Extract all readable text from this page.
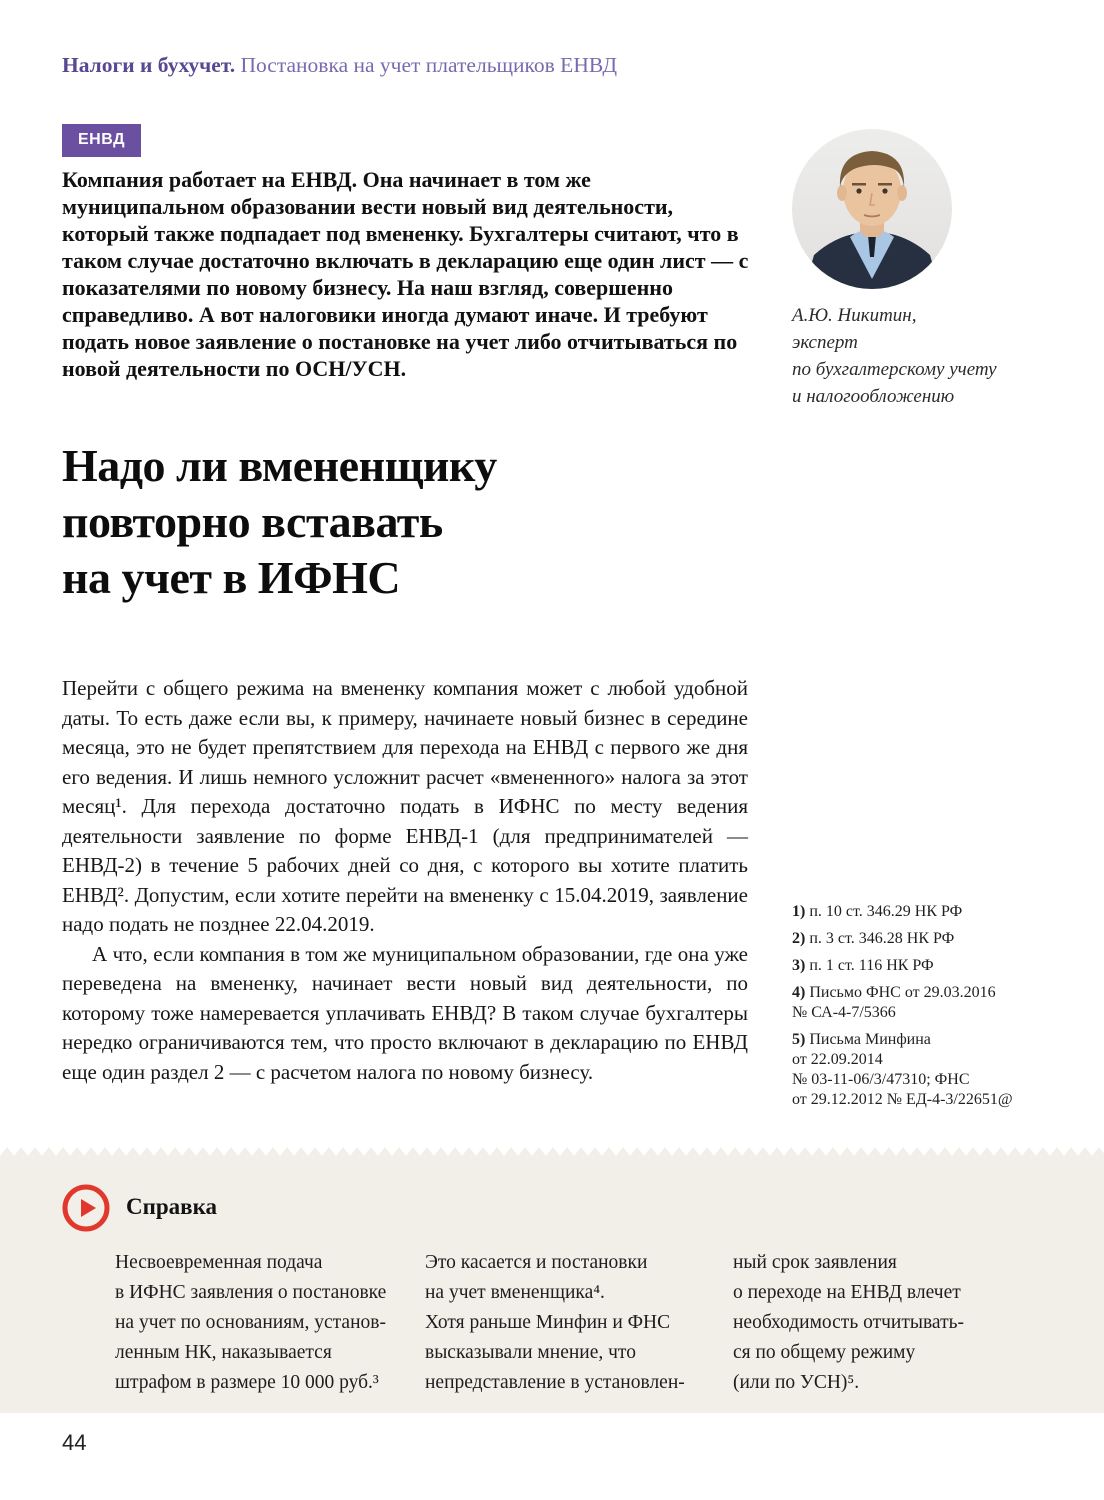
Налоги и бухучет. Постановка на учет плательщиков ЕНВД
ЕНВД
Компания работает на ЕНВД. Она начинает в том же муниципальном образовании вести новый вид деятельности, который также подпадает под вмененку. Бухгалтеры считают, что в таком случае достаточно включать в декларацию еще один лист — с показателями по новому бизнесу. На наш взгляд, совершенно справедливо. А вот налоговики иногда думают иначе. И требуют подать новое заявление о постановке на учет либо отчитываться по новой деятельности по ОСН/УСН.
А.Ю. Никитин,
эксперт
по бухгалтерскому учету
и налогообложению
Надо ли вмененщику
повторно вставать
на учет в ИФНС

Перейти с общего режима на вмененку компания может с любой удобной даты. То есть даже если вы, к примеру, начинаете новый бизнес в середине месяца, это не будет препятствием для перехода на ЕНВД с первого же дня его ведения. И лишь немного усложнит расчет «вмененного» налога за этот месяц¹. Для перехода достаточно подать в ИФНС по месту ведения деятельности заявление по форме ЕНВД-1 (для предпринимателей — ЕНВД-2) в течение 5 рабочих дней со дня, с которого вы хотите платить ЕНВД². Допустим, если хотите перейти на вмененку с 15.04.2019, заявление надо подать не позднее 22.04.2019.

А что, если компания в том же муниципальном образовании, где она уже переведена на вмененку, начинает вести новый вид деятельности, по которому тоже намеревается уплачивать ЕНВД? В таком случае бухгалтеры нередко ограничиваются тем, что просто включают в декларацию по ЕНВД еще один раздел 2 — с расчетом налога по новому бизнесу.

1) п. 10 ст. 346.29 НК РФ
2) п. 3 ст. 346.28 НК РФ
3) п. 1 ст. 116 НК РФ
4) Письмо ФНС от 29.03.2016
№ СА-4-7/5366
5) Письма Минфина
от 22.09.2014
№ 03-11-06/3/47310; ФНС
от 29.12.2012 № ЕД-4-3/22651@
Справка
Несвоевременная подача
в ИФНС заявления о постановке
на учет по основаниям, установ-
ленным НК, наказывается
штрафом в размере 10 000 руб.³
Это касается и постановки
на учет вмененщика⁴.
Хотя раньше Минфин и ФНС
высказывали мнение, что
непредставление в установлен-
ный срок заявления
о переходе на ЕНВД влечет
необходимость отчитывать-
ся по общему режиму
(или по УСН)⁵.
44
